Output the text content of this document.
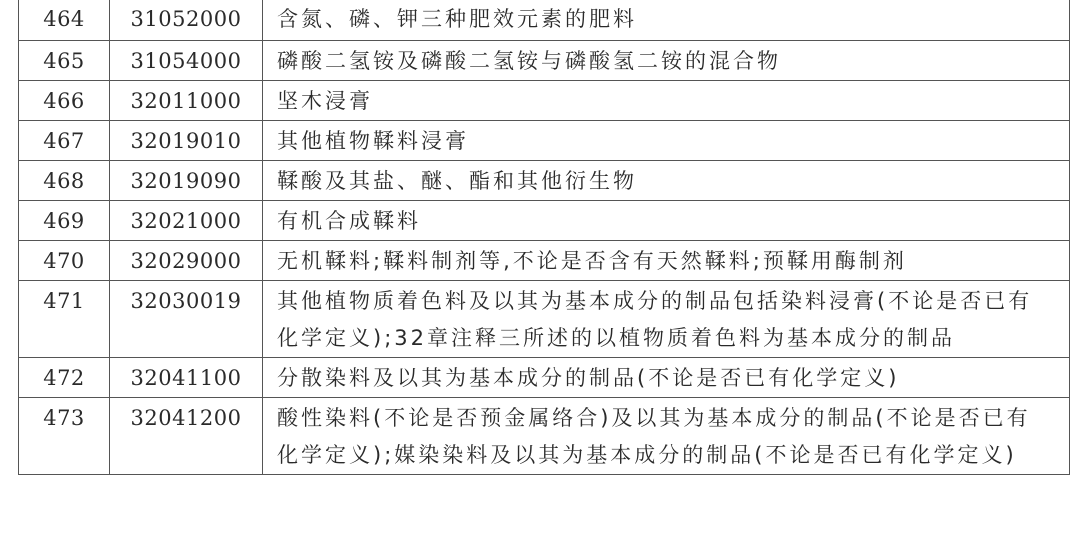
464	31052000	含氮、磷、钾三种肥效元素的肥料
465	31054000	磷酸二氢铵及磷酸二氢铵与磷酸氢二铵的混合物
466	32011000	坚木浸膏
467	32019010	其他植物鞣料浸膏
468	32019090	鞣酸及其盐、醚、酯和其他衍生物
469	32021000	有机合成鞣料
470	32029000	无机鞣料;鞣料制剂等,不论是否含有天然鞣料;预鞣用酶制剂
471	32030019	其他植物质着色料及以其为基本成分的制品包括染料浸膏(不论是否已有化学定义);32章注释三所述的以植物质着色料为基本成分的制品
472	32041100	分散染料及以其为基本成分的制品(不论是否已有化学定义)
473	32041200	酸性染料(不论是否预金属络合)及以其为基本成分的制品(不论是否已有化学定义);媒染染料及以其为基本成分的制品(不论是否已有化学定义)
